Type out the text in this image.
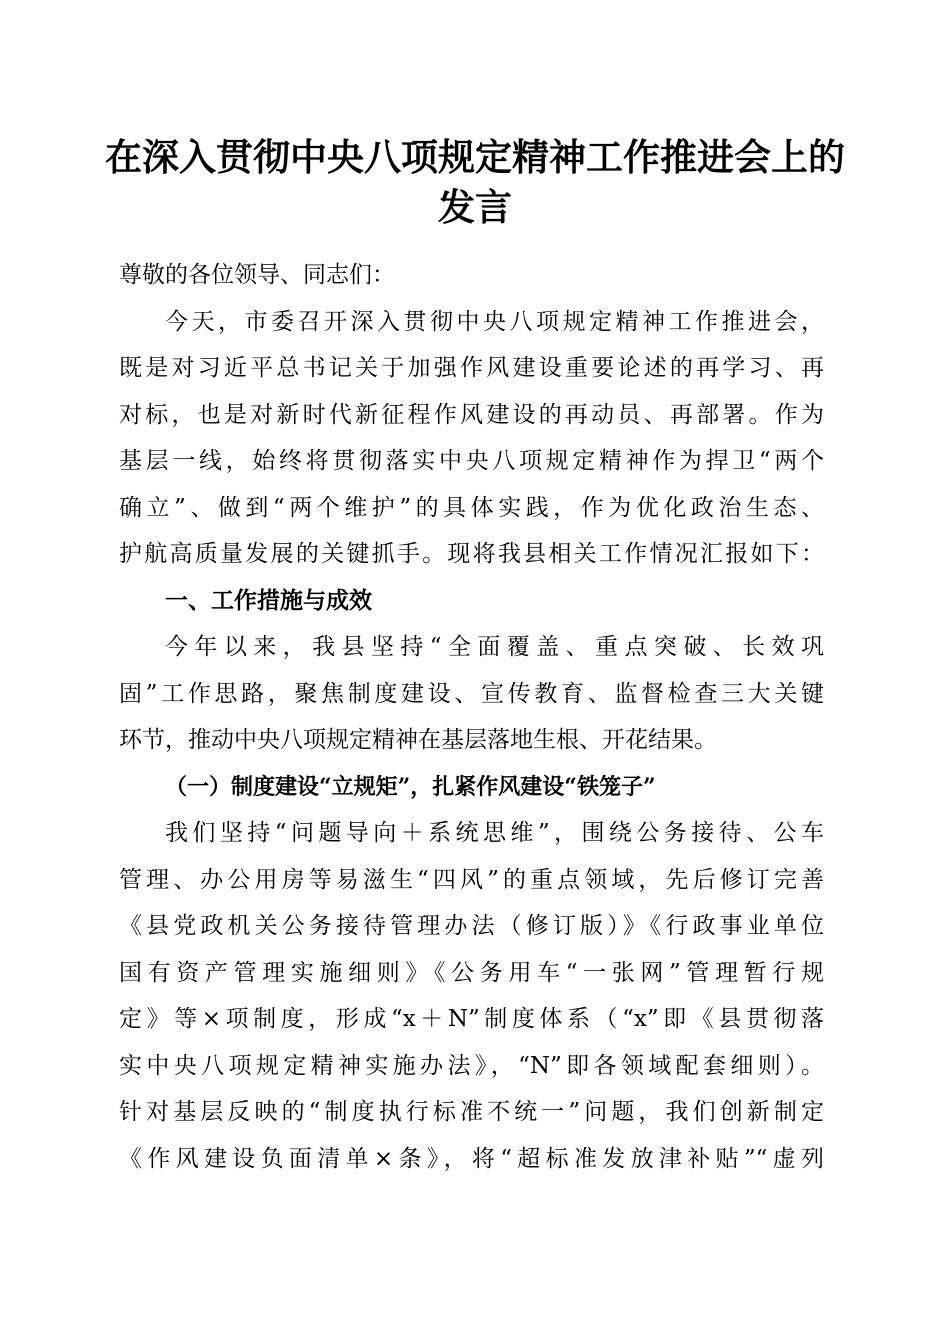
在深入贯彻中央八项规定精神工作推进会上的
发言
尊敬的各位领导、同志们：
今天，市委召开深入贯彻中央八项规定精神工作推进会，
既是对习近平总书记关于加强作风建设重要论述的再学习、再
对标，也是对新时代新征程作风建设的再动员、再部署。作为
基层一线，始终将贯彻落实中央八项规定精神作为捍卫“两个
确立”、做到“两个维护”的具体实践，作为优化政治生态、
护航高质量发展的关键抓手。现将我县相关工作情况汇报如下：
一、工作措施与成效
今年以来，我县坚持“全面覆盖、重点突破、长效巩
固”工作思路，聚焦制度建设、宣传教育、监督检查三大关键
环节，推动中央八项规定精神在基层落地生根、开花结果。
（一）制度建设“立规矩”，扎紧作风建设“铁笼子”
我们坚持“问题导向＋系统思维”，围绕公务接待、公车
管理、办公用房等易滋生“四风”的重点领域，先后修订完善
《县党政机关公务接待管理办法（修订版）》《行政事业单位
国有资产管理实施细则》《公务用车“一张网”管理暂行规
定》等×项制度，形成“x＋N”制度体系（“x”即《县贯彻落
实中央八项规定精神实施办法》，“N”即各领域配套细则）。
针对基层反映的“制度执行标准不统一”问题，我们创新制定
《作风建设负面清单×条》，将“超标准发放津补贴”“虚列
